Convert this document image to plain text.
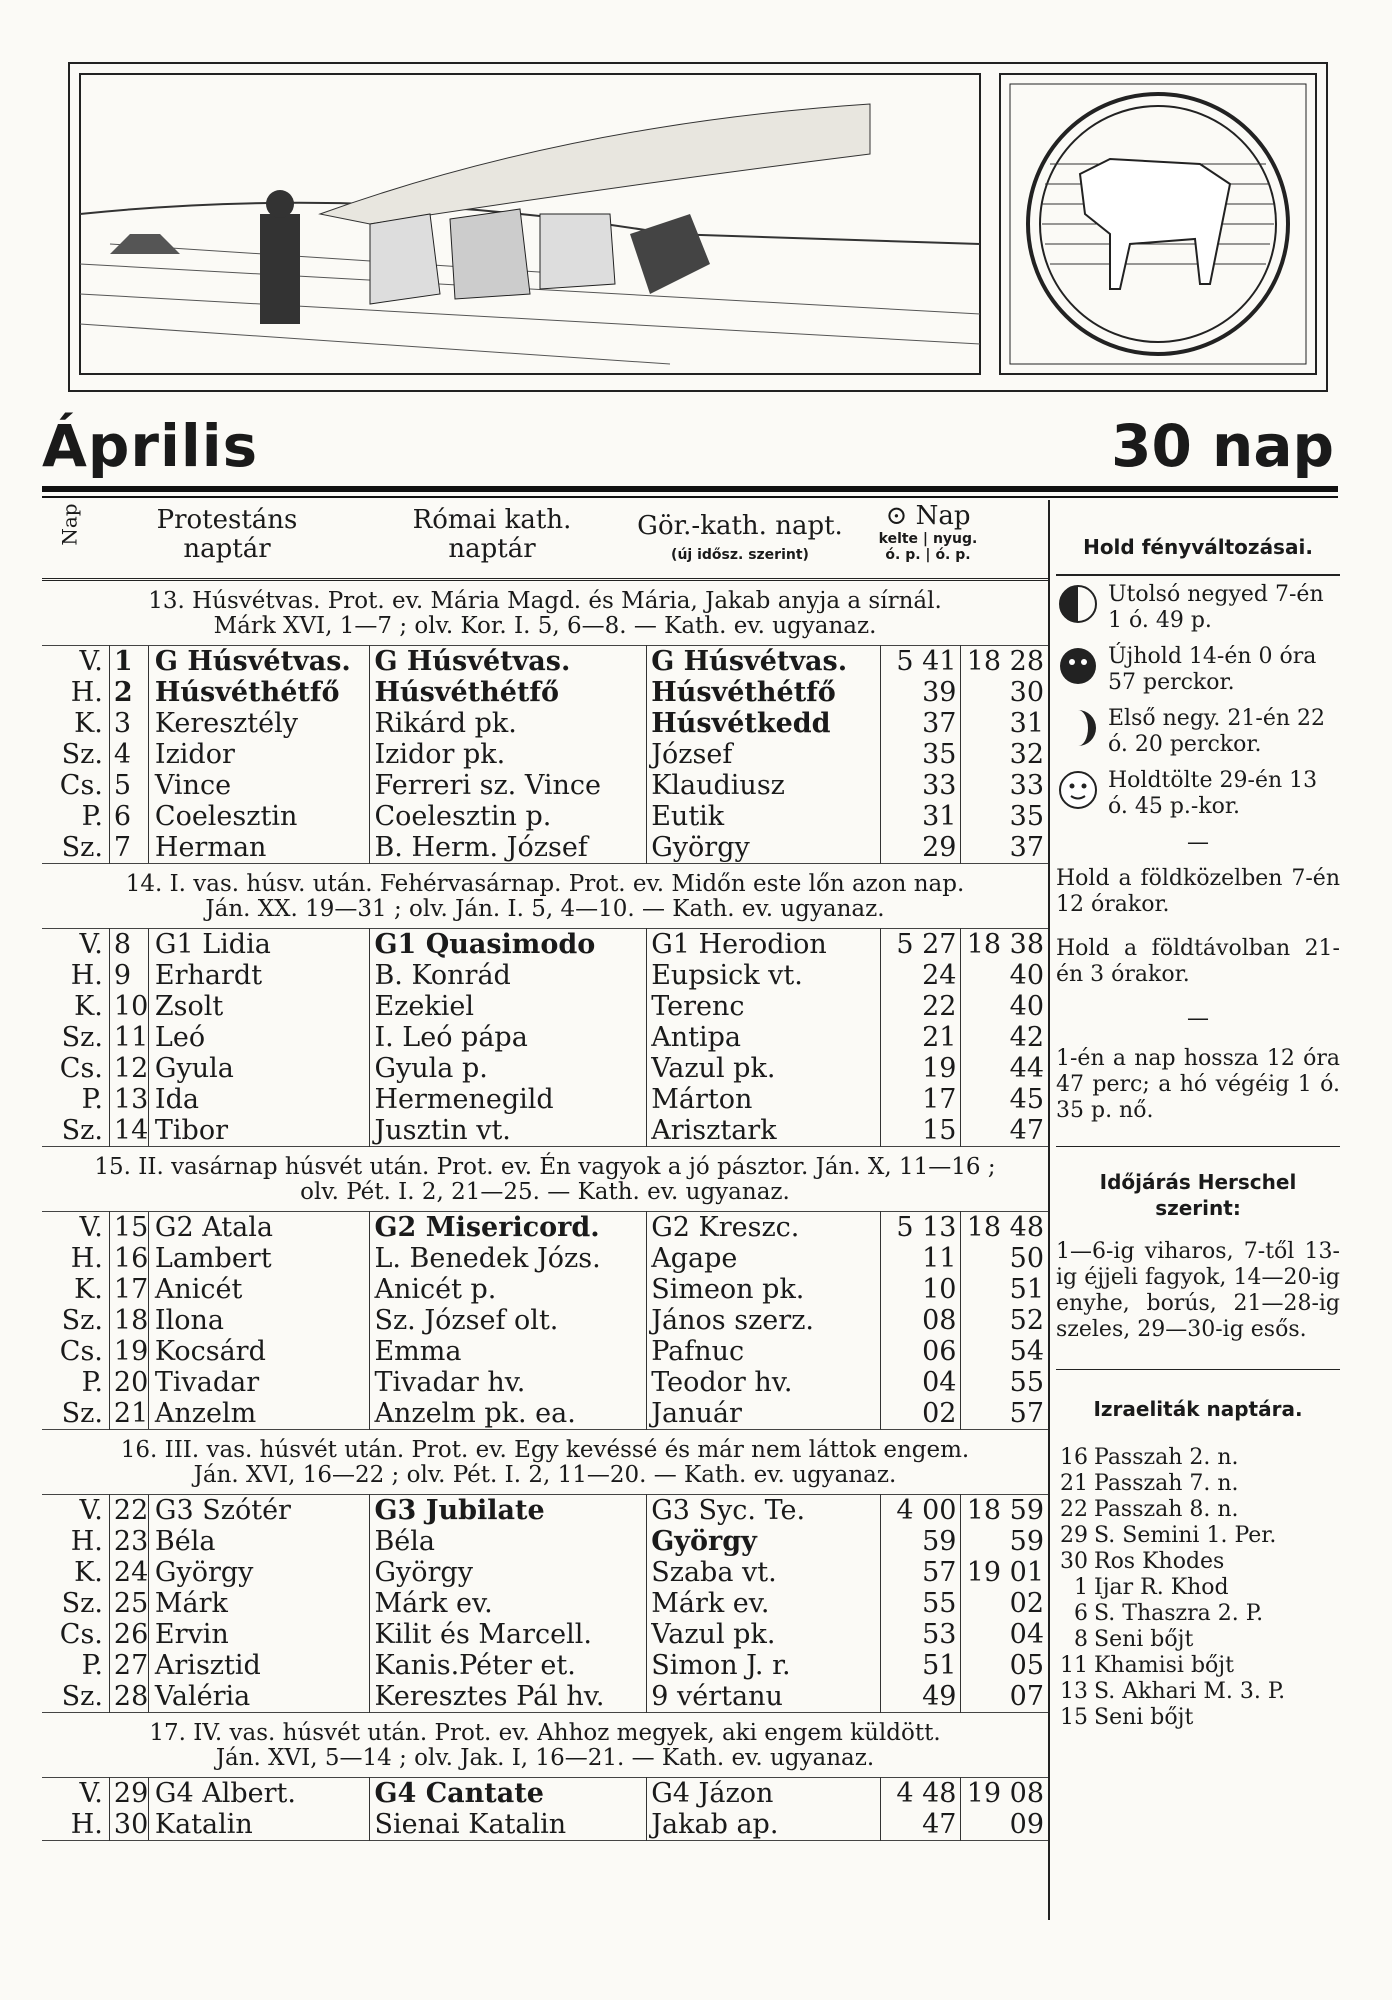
Április	30 nap
Nap	Protestáns
naptár
Római kath.
naptár
Gör.-kath. napt.
(új idősz. szerint)
⊙ Nap
kelte | nyug.
ó. p. | ó. p.
13. Húsvétvas. Prot. ev. Mária Magd. és Mária, Jakab anyja a sírnál.
Márk XVI, 1—7 ; olv. Kor. I. 5, 6—8. — Kath. ev. ugyanaz.
V.	1 G Húsvétvas.	G Húsvétvas.	G Húsvétvas.	5 41	18 28
H.	2 Húsvéthétfő	Húsvéthétfő	Húsvéthétfő	39	30
K.	3 Keresztély	Rikárd pk.	Húsvétkedd	37	31
Sz.	4 Izidor	Izidor pk.	József	35	32
Cs.	5 Vince	Ferreri sz. Vince	Klaudiusz	33	33
P.	6 Coelesztin	Coelesztin p.	Eutik	31	35
Sz.	7 Herman	B. Herm. József	György	29	37
14. I. vas. húsv. után. Fehérvasárnap. Prot. ev. Midőn este lőn azon nap.
Ján. XX. 19—31 ; olv. Ján. I. 5, 4—10. — Kath. ev. ugyanaz.
V.	8 G1 Lidia	G1 Quasimodo	G1 Herodion	5 27	18 38
H.	9 Erhardt	B. Konrád	Eupsick vt.	24	40
K.	10 Zsolt	Ezekiel	Terenc	22	40
Sz.	11 Leó	I. Leó pápa	Antipa	21	42
Cs.	12 Gyula	Gyula p.	Vazul pk.	19	44
P.	13 Ida	Hermenegild	Márton	17	45
Sz.	14 Tibor	Jusztin vt.	Arisztark	15	47
15. II. vasárnap húsvét után. Prot. ev. Én vagyok a jó pásztor. Ján. X, 11—16 ;
olv. Pét. I. 2, 21—25. — Kath. ev. ugyanaz.
V.	15 G2 Atala	G2 Misericord.	G2 Kreszc.	5 13	18 48
H.	16 Lambert	L. Benedek Józs.	Agape	11	50
K.	17 Anicét	Anicét p.	Simeon pk.	10	51
Sz.	18 Ilona	Sz. József olt.	János szerz.	08	52
Cs.	19 Kocsárd	Emma	Pafnuc	06	54
P.	20 Tivadar	Tivadar hv.	Teodor hv.	04	55
Sz.	21 Anzelm	Anzelm pk. ea.	Január	02	57
16. III. vas. húsvét után. Prot. ev. Egy kevéssé és már nem láttok engem.
Ján. XVI, 16—22 ; olv. Pét. I. 2, 11—20. — Kath. ev. ugyanaz.
V.	22 G3 Szótér	G3 Jubilate	G3 Syc. Te.	4 00	18 59
H.	23 Béla	Béla	György	59	59
K.	24 György	György	Szaba vt.	57	19 01
Sz.	25 Márk	Márk ev.	Márk ev.	55	02
Cs.	26 Ervin	Kilit és Marcell.	Vazul pk.	53	04
P.	27 Arisztid	Kanis.Péter et.	Simon J. r.	51	05
Sz.	28 Valéria	Keresztes Pál hv.	9 vértanu	49	07
17. IV. vas. húsvét után. Prot. ev. Ahhoz megyek, aki engem küldött.
Ján. XVI, 5—14 ; olv. Jak. I, 16—21. — Kath. ev. ugyanaz.
V.	29 G4 Albert.	G4 Cantate	G4 Jázon	4 48	19 08
H.	30 Katalin	Sienai Katalin	Jakab ap.	47	09
Hold fényváltozásai.
Utolsó negyed 7-én 1 ó. 49 p.
Újhold 14-én 0 óra 57 perckor.
Első negy. 21-én 22 ó. 20 perckor.
Holdtölte 29-én 13 ó. 45 p.-kor.
—
Hold a földközelben 7-én 12 órakor.
Hold a földtávolban 21-én 3 órakor.
—
1-én a nap hossza 12 óra 47 perc; a hó végéig 1 ó. 35 p. nő.
Időjárás Herschel szerint:
1—6-ig viharos, 7-től 13-ig éjjeli fagyok, 14—20-ig enyhe, borús, 21—28-ig szeles, 29—30-ig esős.
Izraeliták naptára.
16	Passzah 2. n.
21	Passzah 7. n.
22	Passzah 8. n.
29	S. Semini 1. Per.
30	Ros Khodes
1	Ijar R. Khod
6	S. Thaszra 2. P.
8	Seni bőjt
11	Khamisi bőjt
13	S. Akhari M. 3. P.
15	Seni bőjt
